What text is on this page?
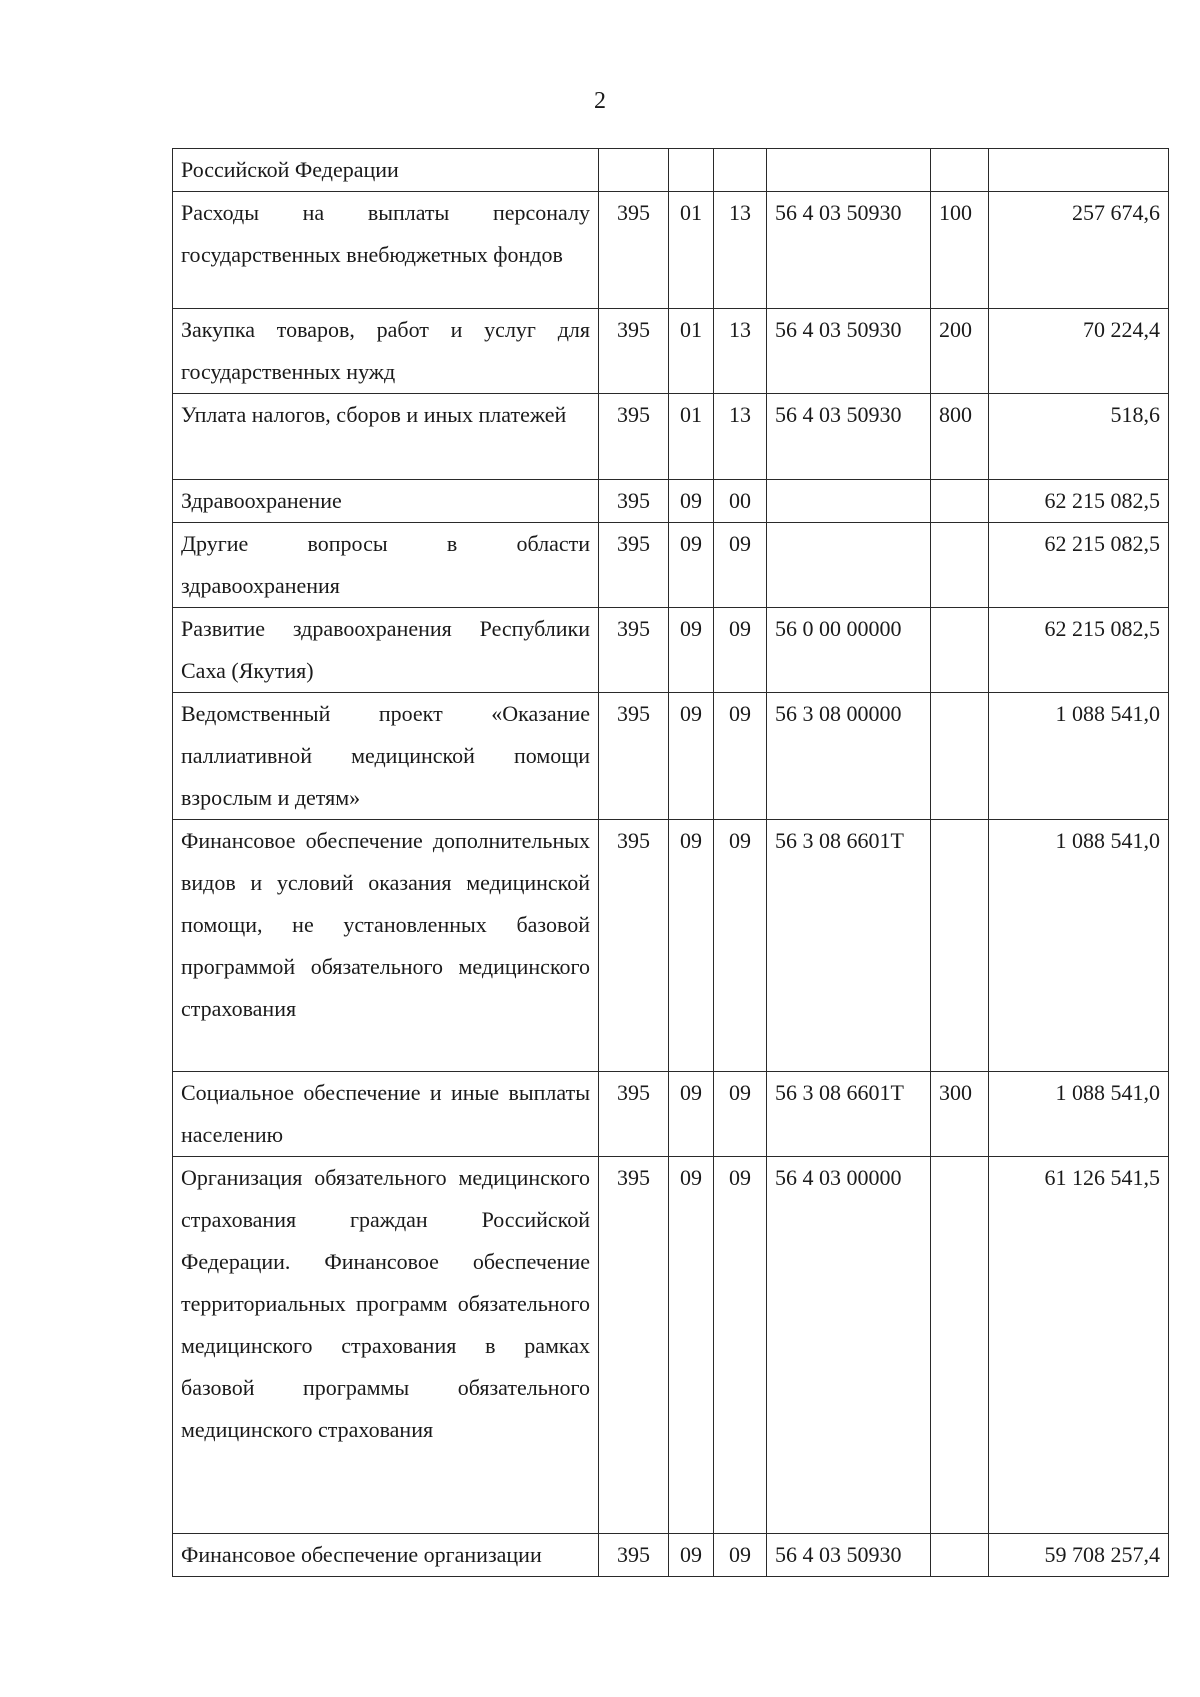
2
Российской Федерации						
Расходы на выплаты персоналу государственных внебюджетных фондов	395	01	13	56 4 03 50930	100	257 674,6
Закупка товаров, работ и услуг для государственных нужд	395	01	13	56 4 03 50930	200	70 224,4
Уплата налогов, сборов и иных платежей	395	01	13	56 4 03 50930	800	518,6
Здравоохранение	395	09	00			62 215 082,5
Другие вопросы в области здравоохранения	395	09	09			62 215 082,5
Развитие здравоохранения Республики Саха (Якутия)	395	09	09	56 0 00 00000		62 215 082,5
Ведомственный проект «Оказание паллиативной медицинской помощи взрослым и детям»	395	09	09	56 3 08 00000		1 088 541,0
Финансовое обеспечение дополнительных видов и условий оказания медицинской помощи, не установленных базовой программой обязательного медицинского страхования	395	09	09	56 3 08 6601T		1 088 541,0
Социальное обеспечение и иные выплаты населению	395	09	09	56 3 08 6601T	300	1 088 541,0
Организация обязательного медицинского страхования граждан Российской Федерации. Финансовое обеспечение территориальных программ обязательного медицинского страхования в рамках базовой программы обязательного медицинского страхования	395	09	09	56 4 03 00000		61 126 541,5
Финансовое обеспечение организации	395	09	09	56 4 03 50930		59 708 257,4
